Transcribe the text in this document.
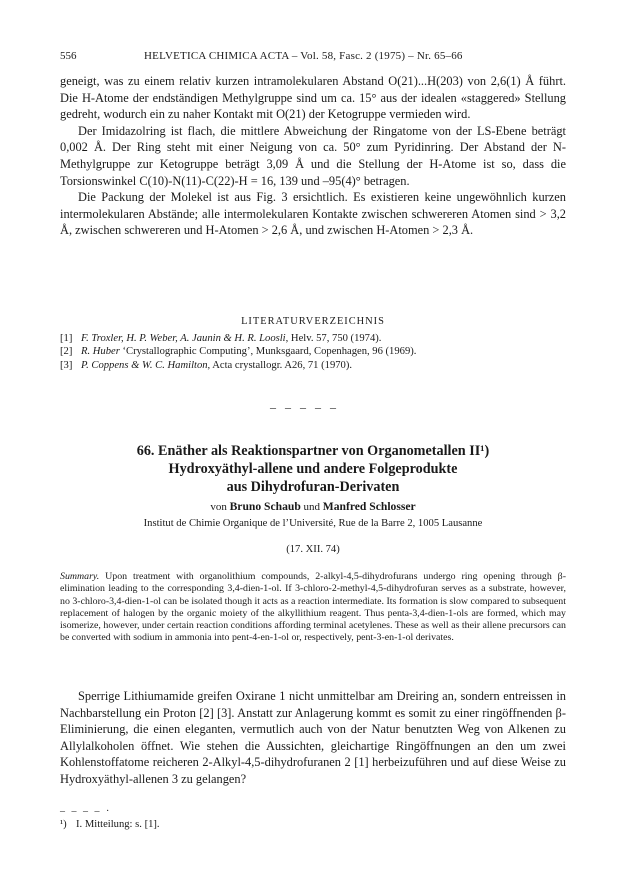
556	HELVETICA CHIMICA ACTA – Vol. 58, Fasc. 2 (1975) – Nr. 65–66

geneigt, was zu einem relativ kurzen intramolekularen Abstand O(21)...H(203) von 2,6(1) Å führt. Die H-Atome der endständigen Methylgruppe sind um ca. 15° aus der idealen «staggered» Stellung gedreht, wodurch ein zu naher Kontakt mit O(21) der Ketogruppe vermieden wird.

Der Imidazolring ist flach, die mittlere Abweichung der Ringatome von der LS-Ebene beträgt 0,002 Å. Der Ring steht mit einer Neigung von ca. 50° zum Pyridinring. Der Abstand der N-Methylgruppe zur Ketogruppe beträgt 3,09 Å und die Stellung der H-Atome ist so, dass die Torsionswinkel C(10)-N(11)-C(22)-H = 16, 139 und –95(4)° betragen.

Die Packung der Molekel ist aus Fig. 3 ersichtlich. Es existieren keine ungewöhnlich kurzen intermolekularen Abstände; alle intermolekularen Kontakte zwischen schwereren Atomen sind > 3,2 Å, zwischen schwereren und H-Atomen > 2,6 Å, und zwischen H-Atomen > 2,3 Å.

LITERATURVERZEICHNIS

[1] F. Troxler, H. P. Weber, A. Jaunin & H. R. Loosli, Helv. 57, 750 (1974).

[2] R. Huber ‘Crystallographic Computing’, Munksgaard, Copenhagen, 96 (1969).

[3] P. Coppens & W. C. Hamilton, Acta crystallogr. A26, 71 (1970).

– – – – –
66. Enäther als Reaktionspartner von Organometallen II¹)
Hydroxyäthyl-allene und andere Folgeprodukte
aus Dihydrofuran-Derivaten
von Bruno Schaub und Manfred Schlosser
Institut de Chimie Organique de l’Université, Rue de la Barre 2, 1005 Lausanne
(17. XII. 74)
Summary. Upon treatment with organolithium compounds, 2-alkyl-4,5-dihydrofurans undergo ring opening through β-elimination leading to the corresponding 3,4-dien-1-ol. If 3-chloro-2-methyl-4,5-dihydrofuran serves as a substrate, however, no 3-chloro-3,4-dien-1-ol can be isolated though it acts as a reaction intermediate. Its formation is slow compared to subsequent replacement of halogen by the organic moiety of the alkyllithium reagent. Thus penta-3,4-dien-1-ols are formed, which may isomerize, however, under certain reaction conditions affording terminal acetylenes. These as well as their allene precursors can be converted with sodium in ammonia into pent-4-en-1-ol or, respectively, pent-3-en-1-ol derivates.

Sperrige Lithiumamide greifen Oxirane 1 nicht unmittelbar am Dreiring an, sondern entreissen in Nachbarstellung ein Proton [2] [3]. Anstatt zur Anlagerung kommt es somit zu einer ringöffnenden β-Eliminierung, die einen eleganten, vermutlich auch von der Natur benutzten Weg von Alkenen zu Allylalkoholen öffnet. Wie stehen die Aussichten, gleichartige Ringöffnungen an den um zwei Kohlenstoffatome reicheren 2-Alkyl-4,5-dihydrofuranen 2 [1] herbeizuführen und auf diese Weise zu Hydroxyäthyl-allenen 3 zu gelangen?

– – – – ·
¹) I. Mitteilung: s. [1].
